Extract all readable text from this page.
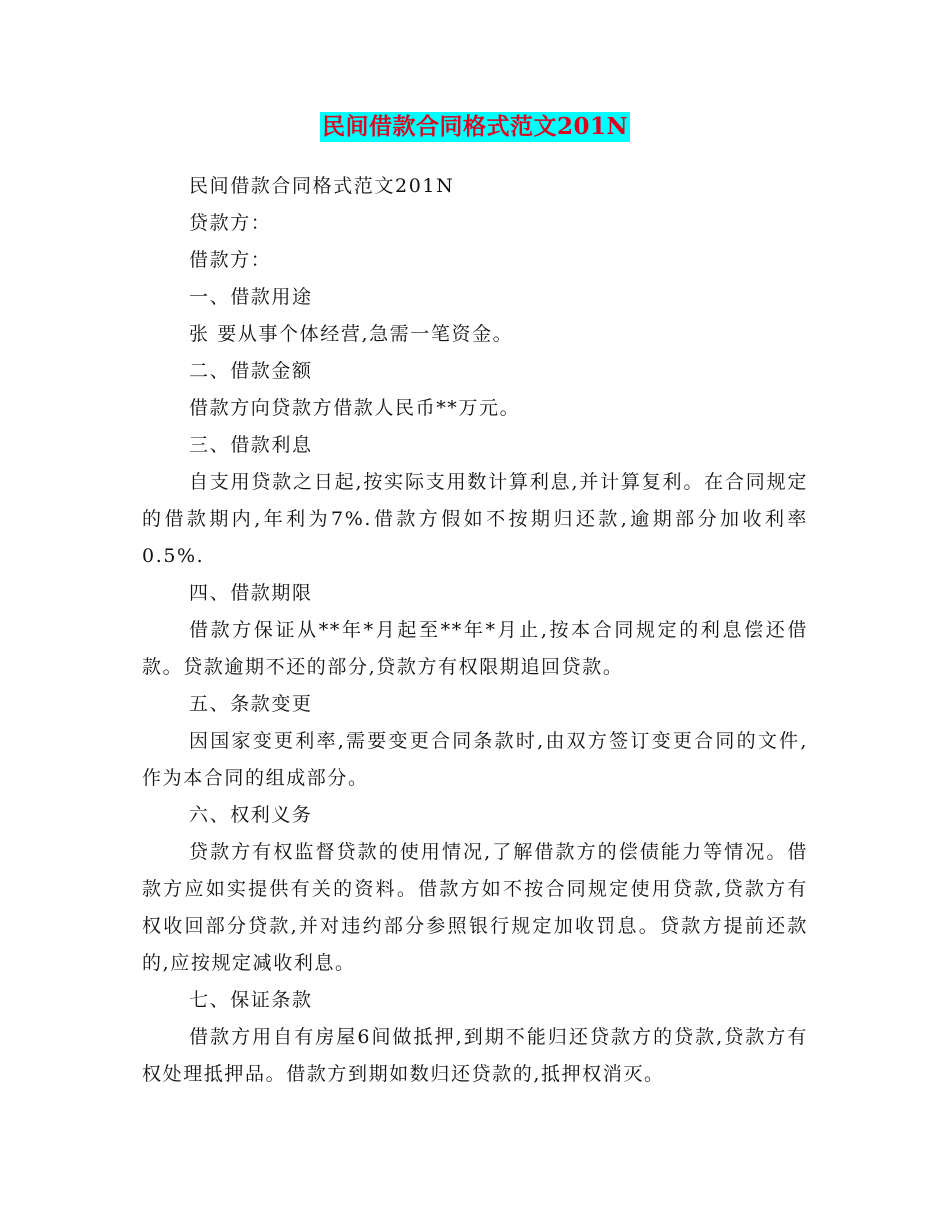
民间借款合同格式范文201N

民间借款合同格式范文201N

贷款方：

借款方：

一、借款用途

张 要从事个体经营,急需一笔资金。

二、借款金额

借款方向贷款方借款人民币**万元。

三、借款利息

自支用贷款之日起,按实际支用数计算利息,并计算复利。在合同规定的借款期内,年利为7%.借款方假如不按期归还款,逾期部分加收利率0.5%.

四、借款期限

借款方保证从**年*月起至**年*月止,按本合同规定的利息偿还借款。贷款逾期不还的部分,贷款方有权限期追回贷款。

五、条款变更

因国家变更利率,需要变更合同条款时,由双方签订变更合同的文件,作为本合同的组成部分。

六、权利义务

贷款方有权监督贷款的使用情况,了解借款方的偿债能力等情况。借款方应如实提供有关的资料。借款方如不按合同规定使用贷款,贷款方有权收回部分贷款,并对违约部分参照银行规定加收罚息。贷款方提前还款的,应按规定减收利息。

七、保证条款

借款方用自有房屋6间做抵押,到期不能归还贷款方的贷款,贷款方有权处理抵押品。借款方到期如数归还贷款的,抵押权消灭。
